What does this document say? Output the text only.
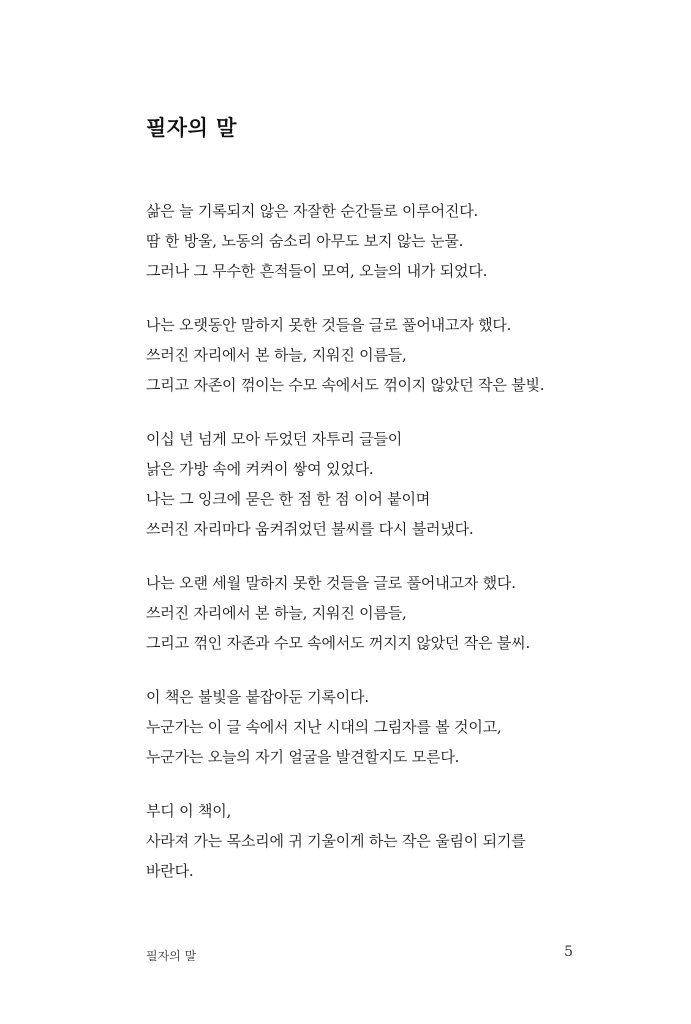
필자의 말
삶은 늘 기록되지 않은 자잘한 순간들로 이루어진다.
땀 한 방울, 노동의 숨소리 아무도 보지 않는 눈물.
그러나 그 무수한 흔적들이 모여, 오늘의 내가 되었다.
나는 오랫동안 말하지 못한 것들을 글로 풀어내고자 했다.
쓰러진 자리에서 본 하늘, 지워진 이름들,
그리고 자존이 꺾이는 수모 속에서도 꺾이지 않았던 작은 불빛.
이십 년 넘게 모아 두었던 자투리 글들이
낡은 가방 속에 켜켜이 쌓여 있었다.
나는 그 잉크에 묻은 한 점 한 점 이어 붙이며
쓰러진 자리마다 움켜쥐었던 불씨를 다시 불러냈다.
나는 오랜 세월 말하지 못한 것들을 글로 풀어내고자 했다.
쓰러진 자리에서 본 하늘, 지워진 이름들,
그리고 꺾인 자존과 수모 속에서도 꺼지지 않았던 작은 불씨.
이 책은 불빛을 붙잡아둔 기록이다.
누군가는 이 글 속에서 지난 시대의 그림자를 볼 것이고,
누군가는 오늘의 자기 얼굴을 발견할지도 모른다.
부디 이 책이,
사라져 가는 목소리에 귀 기울이게 하는 작은 울림이 되기를
바란다.
필자의 말	5
